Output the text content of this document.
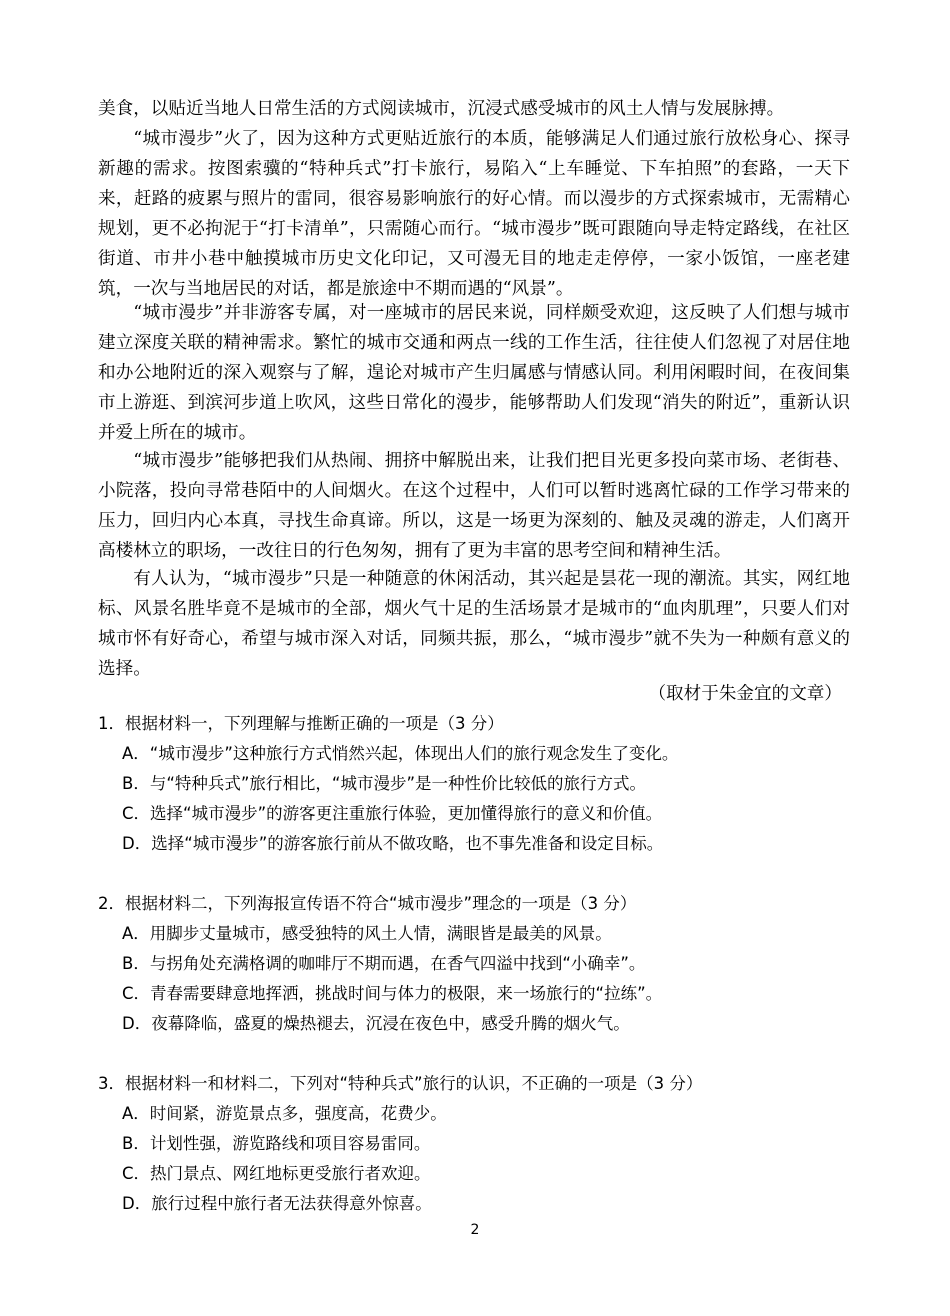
美食，以贴近当地人日常生活的方式阅读城市，沉浸式感受城市的风土人情与发展脉搏。

“城市漫步”火了，因为这种方式更贴近旅行的本质，能够满足人们通过旅行放松身心、探寻新趣的需求。按图索骥的“特种兵式”打卡旅行，易陷入“上车睡觉、下车拍照”的套路，一天下来，赶路的疲累与照片的雷同，很容易影响旅行的好心情。而以漫步的方式探索城市，无需精心规划，更不必拘泥于“打卡清单”，只需随心而行。“城市漫步”既可跟随向导走特定路线，在社区街道、市井小巷中触摸城市历史文化印记，又可漫无目的地走走停停，一家小饭馆，一座老建筑，一次与当地居民的对话，都是旅途中不期而遇的“风景”。

“城市漫步”并非游客专属，对一座城市的居民来说，同样颇受欢迎，这反映了人们想与城市建立深度关联的精神需求。繁忙的城市交通和两点一线的工作生活，往往使人们忽视了对居住地和办公地附近的深入观察与了解，遑论对城市产生归属感与情感认同。利用闲暇时间，在夜间集市上游逛、到滨河步道上吹风，这些日常化的漫步，能够帮助人们发现“消失的附近”，重新认识并爱上所在的城市。

“城市漫步”能够把我们从热闹、拥挤中解脱出来，让我们把目光更多投向菜市场、老街巷、小院落，投向寻常巷陌中的人间烟火。在这个过程中，人们可以暂时逃离忙碌的工作学习带来的压力，回归内心本真，寻找生命真谛。所以，这是一场更为深刻的、触及灵魂的游走，人们离开高楼林立的职场，一改往日的行色匆匆，拥有了更为丰富的思考空间和精神生活。

有人认为，“城市漫步”只是一种随意的休闲活动，其兴起是昙花一现的潮流。其实，网红地标、风景名胜毕竟不是城市的全部，烟火气十足的生活场景才是城市的“血肉肌理”，只要人们对城市怀有好奇心，希望与城市深入对话，同频共振，那么，“城市漫步”就不失为一种颇有意义的选择。

（取材于朱金宜的文章）

1．根据材料一，下列理解与推断正确的一项是（3 分）

A．“城市漫步”这种旅行方式悄然兴起，体现出人们的旅行观念发生了变化。

B．与“特种兵式”旅行相比，“城市漫步”是一种性价比较低的旅行方式。

C．选择“城市漫步”的游客更注重旅行体验，更加懂得旅行的意义和价值。

D．选择“城市漫步”的游客旅行前从不做攻略，也不事先准备和设定目标。

2．根据材料二，下列海报宣传语不符合“城市漫步”理念的一项是（3 分）

A．用脚步丈量城市，感受独特的风土人情，满眼皆是最美的风景。

B．与拐角处充满格调的咖啡厅不期而遇，在香气四溢中找到“小确幸”。

C．青春需要肆意地挥洒，挑战时间与体力的极限，来一场旅行的“拉练”。

D．夜幕降临，盛夏的燥热褪去，沉浸在夜色中，感受升腾的烟火气。

3．根据材料一和材料二，下列对“特种兵式”旅行的认识，不正确的一项是（3 分）

A．时间紧，游览景点多，强度高，花费少。

B．计划性强，游览路线和项目容易雷同。

C．热门景点、网红地标更受旅行者欢迎。

D．旅行过程中旅行者无法获得意外惊喜。

2
